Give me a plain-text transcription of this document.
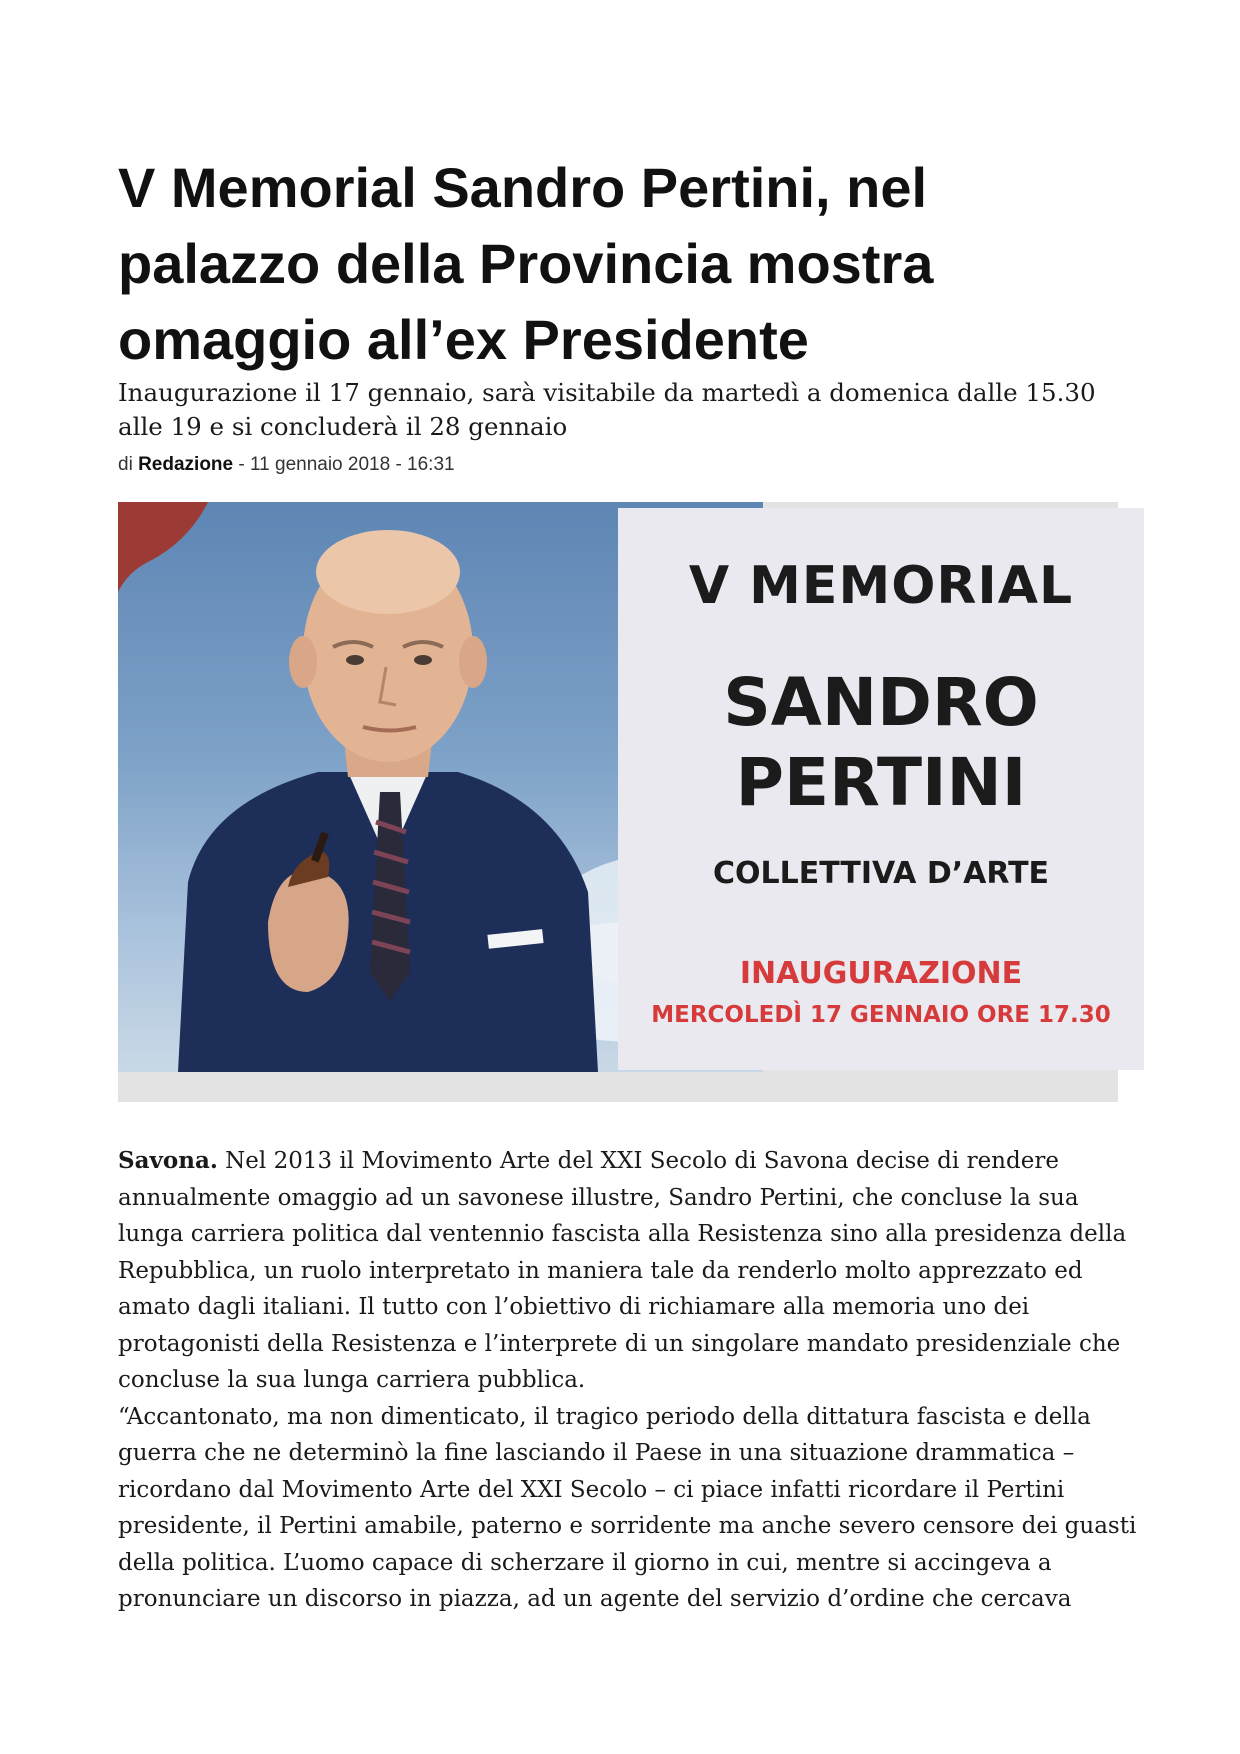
V Memorial Sandro Pertini, nel palazzo della Provincia mostra omaggio all’ex Presidente

Inaugurazione il 17 gennaio, sarà visitabile da martedì a domenica dalle 15.30 alle 19 e si concluderà il 28 gennaio

di Redazione - 11 gennaio 2018 - 16:31

V MEMORIAL

SANDRO

PERTINI

COLLETTIVA D’ARTE

INAUGURAZIONE

MERCOLEDÌ 17 GENNAIO ORE 17.30

Savona. Nel 2013 il Movimento Arte del XXI Secolo di Savona decise di rendere annualmente omaggio ad un savonese illustre, Sandro Pertini, che concluse la sua lunga carriera politica dal ventennio fascista alla Resistenza sino alla presidenza della Repubblica, un ruolo interpretato in maniera tale da renderlo molto apprezzato ed amato dagli italiani. Il tutto con l’obiettivo di richiamare alla memoria uno dei protagonisti della Resistenza e l’interprete di un singolare mandato presidenziale che concluse la sua lunga carriera pubblica.

“Accantonato, ma non dimenticato, il tragico periodo della dittatura fascista e della guerra che ne determinò la fine lasciando il Paese in una situazione drammatica – ricordano dal Movimento Arte del XXI Secolo – ci piace infatti ricordare il Pertini presidente, il Pertini amabile, paterno e sorridente ma anche severo censore dei guasti della politica. L’uomo capace di scherzare il giorno in cui, mentre si accingeva a pronunciare un discorso in piazza, ad un agente del servizio d’ordine che cercava
